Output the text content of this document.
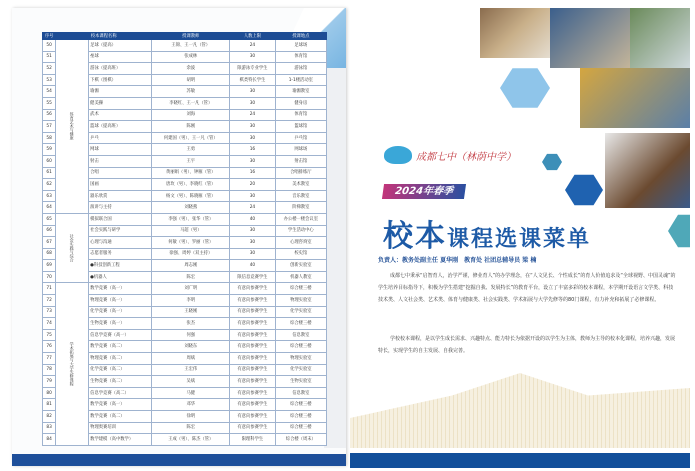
序号	校本课程名称		授课教师	人数上限	授课地点
50	体育艺术与健康	足球（提高）	王锦、王一凡（管）	24	足球场
51		垒球	张成林	30	体育馆
52		游泳（提高班）	余波	限游泳专业学生	游泳馆
53		下棋（围棋）	胡明	棋类特长学生	1-1楼活动室
54		瑜伽	苏敏	30	瑜伽教室
55		健美操	李晓红、王一凡（管）	30	健身房
56		武术	刘海	24	体育馆
57		篮球（提高班）	陈刚	30	篮球馆
58		乒乓	何建国（男）、王一凡（管）	30	乒乓馆
59		网球	王勇	16	网球场
60		射击	王宇	30	射击馆
61		合唱	黄丽娟（男）、钟雁（管）	16	合唱排练厅
62		国画	唐玫（男）、李晓红（管）	20	美术教室
63		器乐欣赏	杨文（男）、陈晓雁（管）	30	音乐教室
64		演讲与主持	刘晓燕	24	阶梯教室
65	社会实践与综合	模拟联合国	李强（男）、张华（管）	40	办公楼一楼会议室
66		社会实践与研学	马超（男）	30	学生活动中心
67		心理与沟通	何敏（男）、罗丽（管）	30	心理咨询室
68		志愿者服务	徐强、周婷（双主持）	30	校史馆
69		●科技创新工程	周志刚	40	创新实验室
70		●机器人	陈宏	限信息竞赛学生	机器人教室
71	学术拓展与大学先修课程	数学竞赛（高一）	刘广明	有意向参赛学生	综合楼三楼
72		物理竞赛（高一）	李明	有意向参赛学生	物理实验室
73		化学竞赛（高一）	王晓刚	有意向参赛学生	化学实验室
74		生物竞赛（高一）	张杰	有意向参赛学生	综合楼三楼
75		信息学竞赛（高一）	何强	有意向参赛学生	信息教室
76		数学竞赛（高二）	刘晓东	有意向参赛学生	综合楼三楼
77		物理竞赛（高二）	周斌	有意向参赛学生	物理实验室
78		化学竞赛（高二）	王宏伟	有意向参赛学生	化学实验室
79		生物竞赛（高二）	吴斌	有意向参赛学生	生物实验室
80		信息学竞赛（高二）	马健	有意向参赛学生	信息教室
81		数学竞赛（高一）	邓华	有意向参赛学生	综合楼三楼
82		数学竞赛（高二）	徐明	有意向参赛学生	综合楼三楼
83		物理奥赛培训	陈宏	有意向参赛学生	综合楼三楼
84		数学建模（高中数学）	王成（男）、陈杰（管）	限理科学生	综合楼（周末）
成都七中（林荫中学）
2024年春季
校本课程选课菜单
负责人：教务处副主任 夏华刚　教育处 社团总辅导员 梁 楠
成都七中秉承“启智育人，治学严谨，修业育人”的办学理念，在“人文见长、个性成长”的育人价值追求及“全球视野、中国灵魂”的学生培养目标指导下，积极为学生搭建“挖掘自我、发展特长”的教育平台，设立了丰富多彩的校本课程，本学期开设语言文学类、科技技术类、人文社会类、艺术类、体育与健康类、社会实践类、学术拓展与大学先修等的80门课程，有力补充和拓展了必修课程。
学校校本课程，是以学生成长需求、兴趣特点、能力特长为依据开设的以学生为主体，教师为主导的校本化课程，培养兴趣，发展特长，实现学生的自主发展、自我完善。
